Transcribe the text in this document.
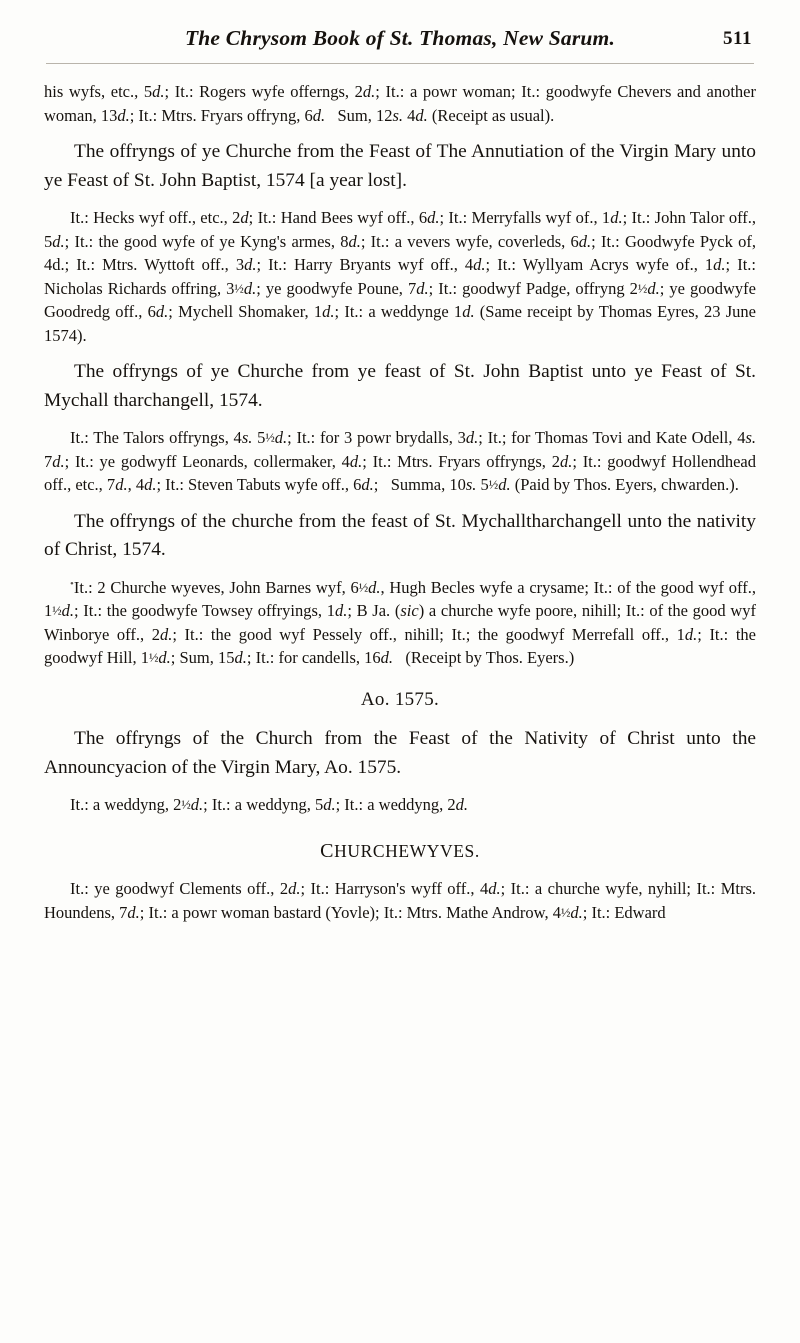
The Chrysom Book of St. Thomas, New Sarum.	511

his wyfs, etc., 5d.; It.: Rogers wyfe offerngs, 2d.; It.: a powr woman; It.: goodwyfe Chevers and another woman, 13d.; It.: Mtrs. Fryars offryng, 6d.   Sum, 12s. 4d. (Receipt as usual).

The offryngs of ye Churche from the Feast of The Annutiation of the Virgin Mary unto ye Feast of St. John Baptist, 1574 [a year lost].

It.: Hecks wyf off., etc., 2d; It.: Hand Bees wyf off., 6d.; It.: Merryfalls wyf of., 1d.; It.: John Talor off., 5d.; It.: the good wyfe of ye Kyng's armes, 8d.; It.: a vevers wyfe, coverleds, 6d.; It.: Goodwyfe Pyck of, 4d.; It.: Mtrs. Wyttoft off., 3d.; It.: Harry Bryants wyf off., 4d.; It.: Wyllyam Acrys wyfe of., 1d.; It.: Nicholas Richards offring, 3½d.; ye goodwyfe Poune, 7d.; It.: goodwyf Padge, offryng 2½d.; ye goodwyfe Goodredg off., 6d.; Mychell Shomaker, 1d.; It.: a weddynge 1d. (Same receipt by Thomas Eyres, 23 June 1574).

The offryngs of ye Churche from ye feast of St. John Baptist unto ye Feast of St. Mychall tharchangell, 1574.

It.: The Talors offryngs, 4s. 5½d.; It.: for 3 powr brydalls, 3d.; It.; for Thomas Tovi and Kate Odell, 4s. 7d.; It.: ye godwyff Leonards, collermaker, 4d.; It.: Mtrs. Fryars offryngs, 2d.; It.: goodwyf Hollendhead off., etc., 7d., 4d.; It.: Steven Tabuts wyfe off., 6d.;   Summa, 10s. 5½d. (Paid by Thos. Eyers, chwarden.).

The offryngs of the churche from the feast of St. Mychalltharchangell unto the nativity of Christ, 1574.

•It.: 2 Churche wyeves, John Barnes wyf, 6½d., Hugh Becles wyfe a crysame; It.: of the good wyf off., 1½d.; It.: the goodwyfe Towsey offryings, 1d.; B Ja. (sic) a churche wyfe poore, nihill; It.: of the good wyf Winborye off., 2d.; It.: the good wyf Pessely off., nihill; It.; the goodwyf Merrefall off., 1d.; It.: the goodwyf Hill, 1½d.; Sum, 15d.; It.: for candells, 16d.   (Receipt by Thos. Eyers.)

Ao. 1575.

The offryngs of the Church from the Feast of the Nativity of Christ unto the Announcyacion of the Virgin Mary, Ao. 1575.

It.: a weddyng, 2½d.; It.: a weddyng, 5d.; It.: a weddyng, 2d.

CHURCHEWYVES.

It.: ye goodwyf Clements off., 2d.; It.: Harryson's wyff off., 4d.; It.: a churche wyfe, nyhill; It.: Mtrs. Houndens, 7d.; It.: a powr woman bastard (Yovle); It.: Mtrs. Mathe Androw, 4½d.; It.: Edward
